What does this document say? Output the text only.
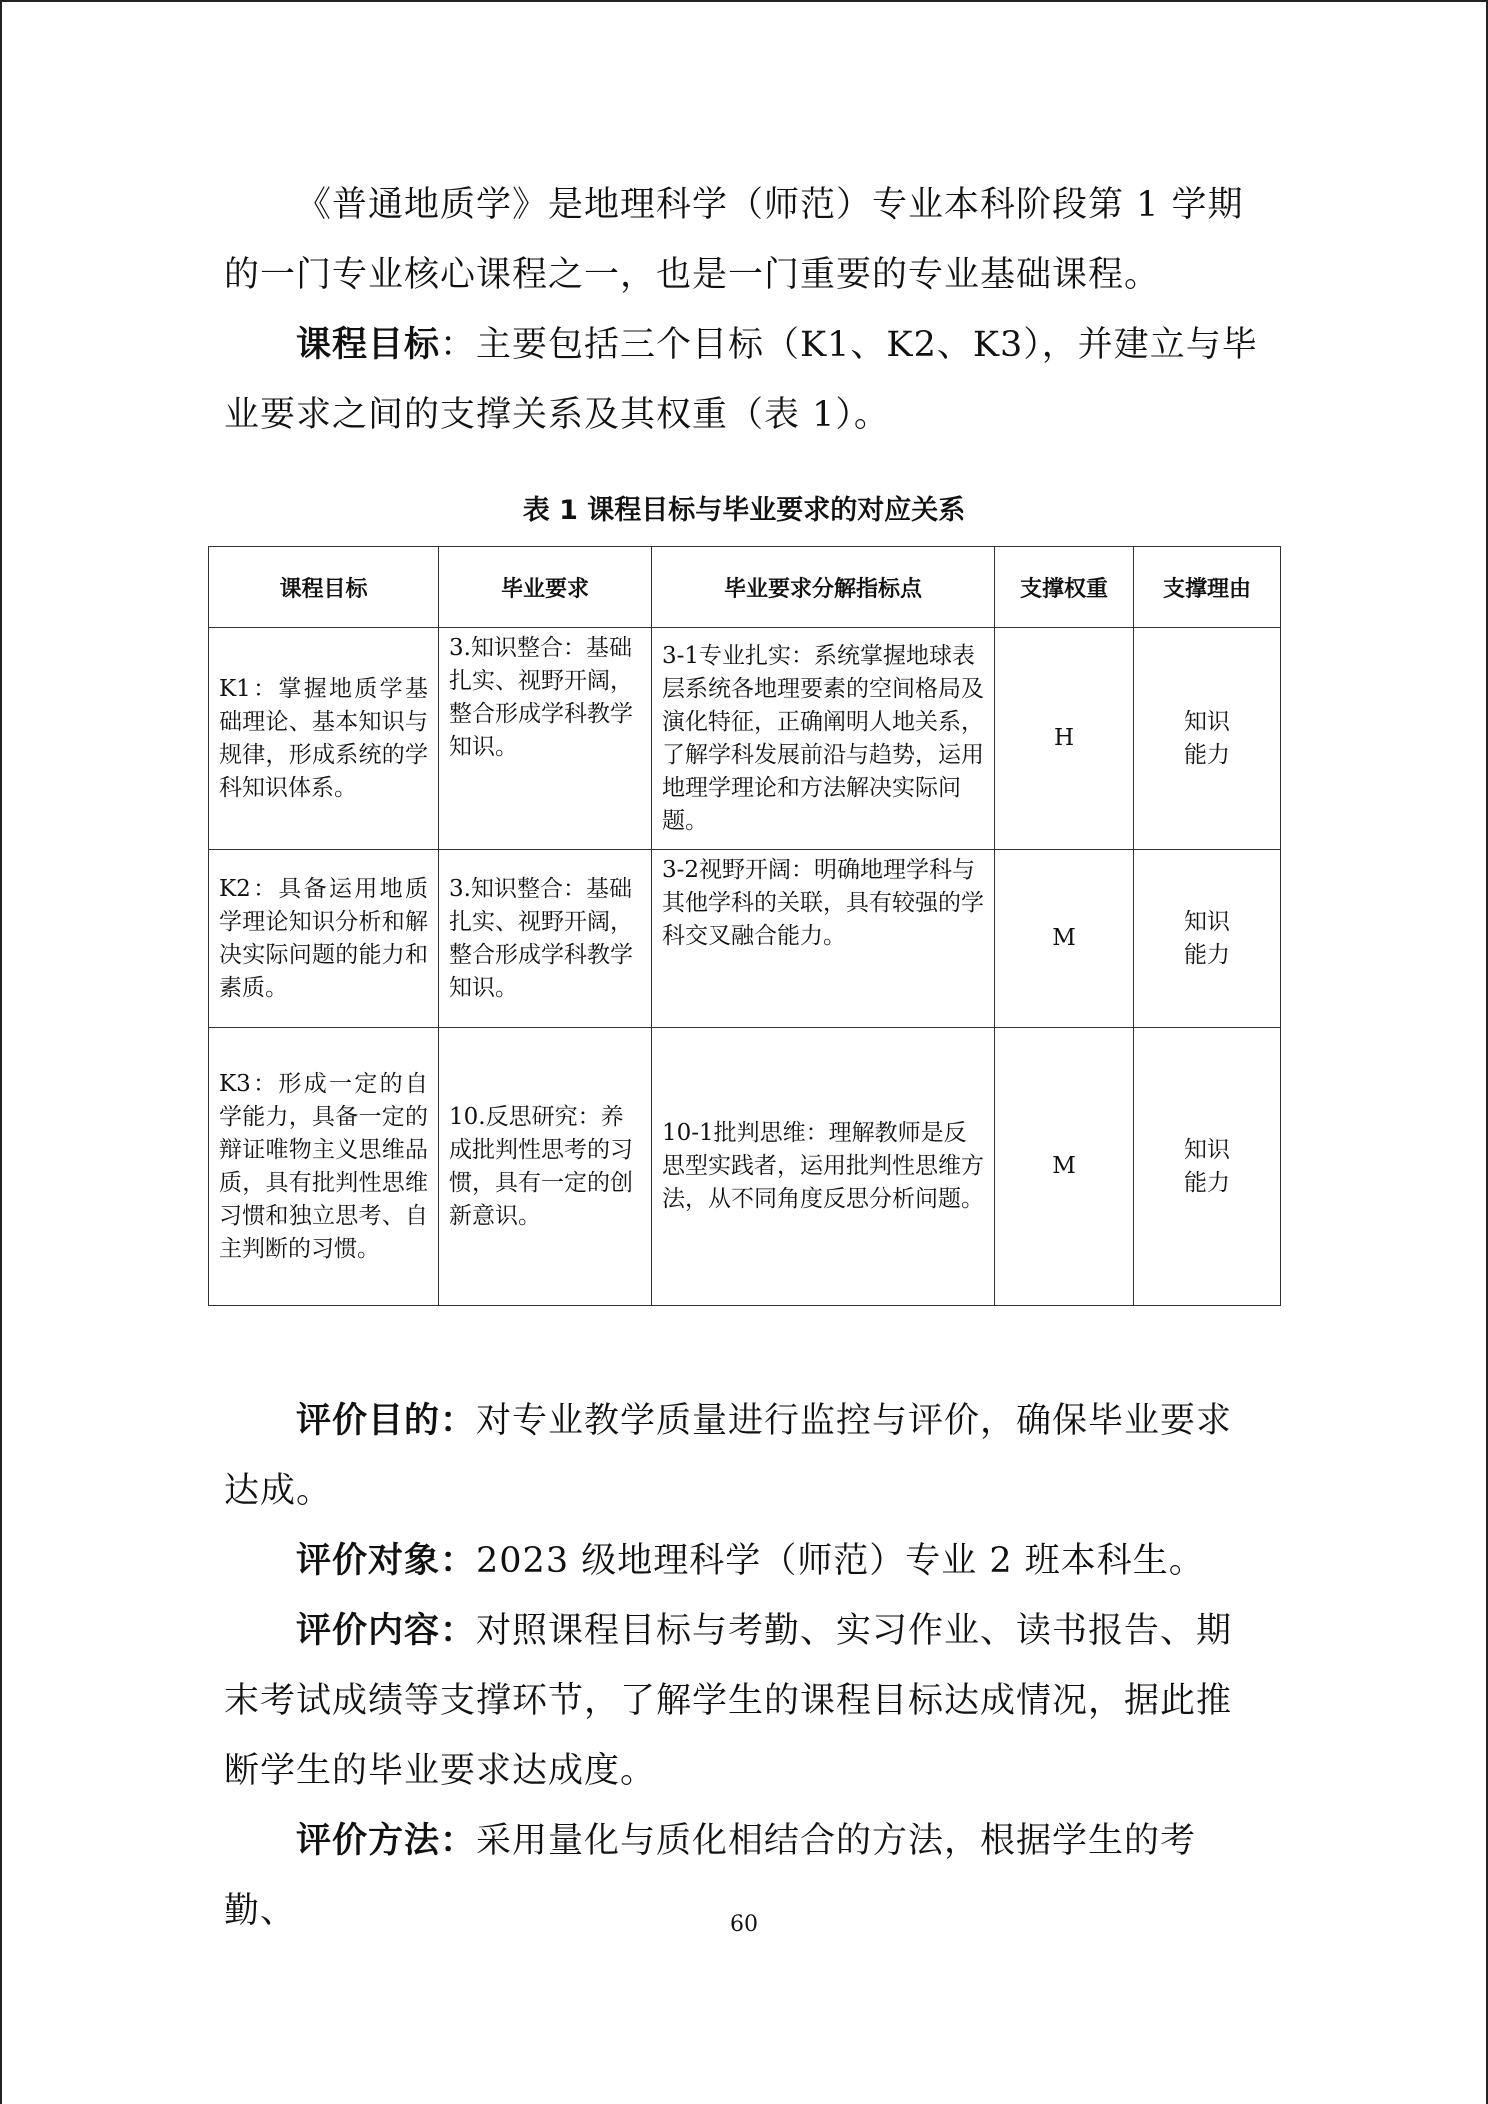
《普通地质学》是地理科学（师范）专业本科阶段第 1 学期的一门专业核心课程之一，也是一门重要的专业基础课程。

课程目标：主要包括三个目标（K1、K2、K3），并建立与毕业要求之间的支撑关系及其权重（表 1）。

表 1 课程目标与毕业要求的对应关系
课程目标	毕业要求	毕业要求分解指标点	支撑权重	支撑理由
K1：掌握地质学基础理论、基本知识与规律，形成系统的学科知识体系。	3.知识整合：基础扎实、视野开阔，整合形成学科教学知识。	3-1专业扎实：系统掌握地球表层系统各地理要素的空间格局及演化特征，正确阐明人地关系，了解学科发展前沿与趋势，运用地理学理论和方法解决实际问题。	H	知识
能力
K2：具备运用地质学理论知识分析和解决实际问题的能力和素质。	3.知识整合：基础扎实、视野开阔，整合形成学科教学知识。	3-2视野开阔：明确地理学科与其他学科的关联，具有较强的学科交叉融合能力。	M	知识
能力
K3：形成一定的自学能力，具备一定的辩证唯物主义思维品质，具有批判性思维习惯和独立思考、自主判断的习惯。	10.反思研究：养成批判性思考的习惯，具有一定的创新意识。	10-1批判思维：理解教师是反思型实践者，运用批判性思维方法，从不同角度反思分析问题。	M	知识
能力

评价目的：对专业教学质量进行监控与评价，确保毕业要求达成。

评价对象：2023 级地理科学（师范）专业 2 班本科生。

评价内容：对照课程目标与考勤、实习作业、读书报告、期末考试成绩等支撑环节，了解学生的课程目标达成情况，据此推断学生的毕业要求达成度。

评价方法：采用量化与质化相结合的方法，根据学生的考勤、	60
